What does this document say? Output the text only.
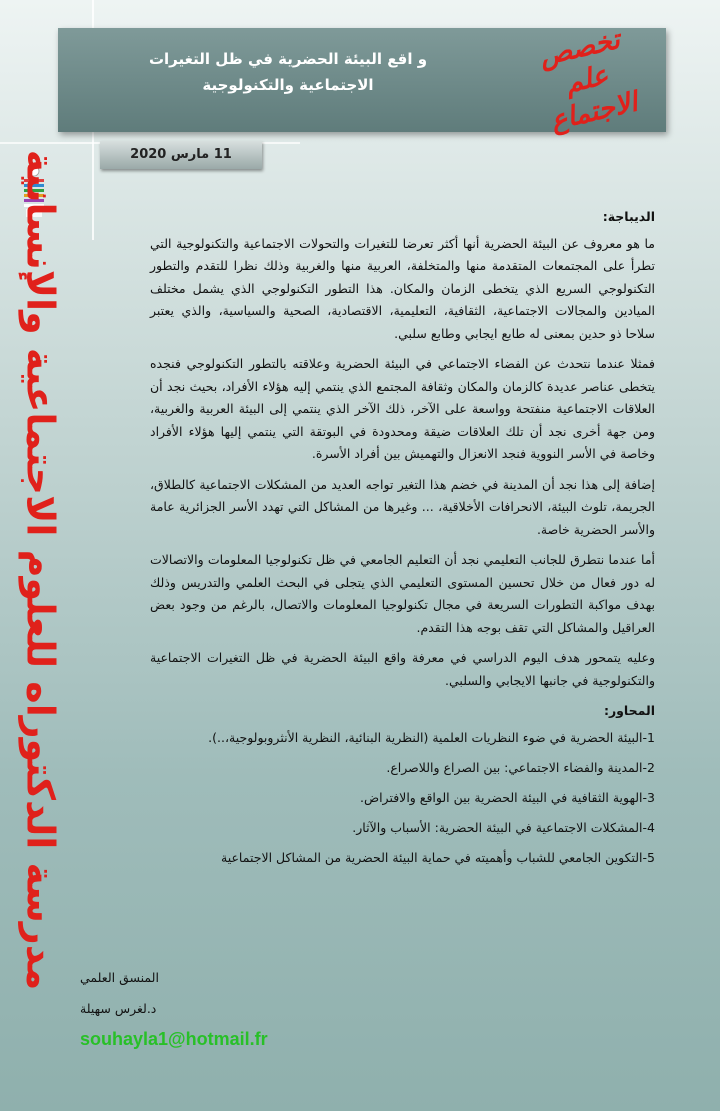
و اقع البيئة الحضرية في ظل التغيرات الاجتماعية والتكنولوجية
تخصص علم الاجتماع
11 مارس 2020
مدرسة الدكتوراه للعلوم الاجتماعية والإنسانية	الديباجة:

ما هو معروف عن البيئة الحضرية أنها أكثر تعرضا للتغيرات والتحولات الاجتماعية والتكنولوجية التي تطرأ على المجتمعات المتقدمة منها والمتخلفة، العربية منها والغربية وذلك نظرا للتقدم والتطور التكنولوجي السريع الذي يتخطى الزمان والمكان. هذا التطور التكنولوجي الذي يشمل مختلف الميادين والمجالات الاجتماعية، الثقافية، التعليمية، الاقتصادية، الصحية والسياسية، والذي يعتبر سلاحا ذو حدين بمعنى له طابع ايجابي وطابع سلبي.

فمثلا عندما نتحدث عن الفضاء الاجتماعي في البيئة الحضرية وعلاقته بالتطور التكنولوجي فنجده يتخطى عناصر عديدة كالزمان والمكان وثقافة المجتمع الذي ينتمي إليه هؤلاء الأفراد، بحيث نجد أن العلاقات الاجتماعية منفتحة وواسعة على الآخر، ذلك الآخر الذي ينتمي إلى البيئة العربية والغربية، ومن جهة أخرى نجد أن تلك العلاقات ضيقة ومحدودة في البوتقة التي ينتمي إليها هؤلاء الأفراد وخاصة في الأسر النووية فنجد الانعزال والتهميش بين أفراد الأسرة.

إضافة إلى هذا نجد أن المدينة في خضم هذا التغير تواجه العديد من المشكلات الاجتماعية كالطلاق، الجريمة، تلوث البيئة، الانحرافات الأخلاقية، ... وغيرها من المشاكل التي تهدد الأسر الجزائرية عامة والأسر الحضرية خاصة.

أما عندما نتطرق للجانب التعليمي نجد أن التعليم الجامعي في ظل تكنولوجيا المعلومات والاتصالات له دور فعال من خلال تحسين المستوى التعليمي الذي يتجلى في البحث العلمي والتدريس وذلك بهدف مواكبة التطورات السريعة في مجال تكنولوجيا المعلومات والاتصال، بالرغم من وجود بعض العراقيل والمشاكل التي تقف بوجه هذا التقدم.

وعليه يتمحور هدف اليوم الدراسي في معرفة واقع البيئة الحضرية في ظل التغيرات الاجتماعية والتكنولوجية في جانبها الايجابي والسلبي.

المحاور:

1-البيئة الحضرية في ضوء النظريات العلمية (النظرية البنائية، النظرية الأنثروبولوجية،..).
2-المدينة والفضاء الاجتماعي: بين الصراع واللاصراع.
3-الهوية الثقافية في البيئة الحضرية بين الواقع والافتراض.
4-المشكلات الاجتماعية في البيئة الحضرية: الأسباب والآثار.
5-التكوين الجامعي للشباب وأهميته في حماية البيئة الحضرية من المشاكل الاجتماعية
المنسق العلمي
د.لغرس سهيلة
souhayla1@hotmail.fr
